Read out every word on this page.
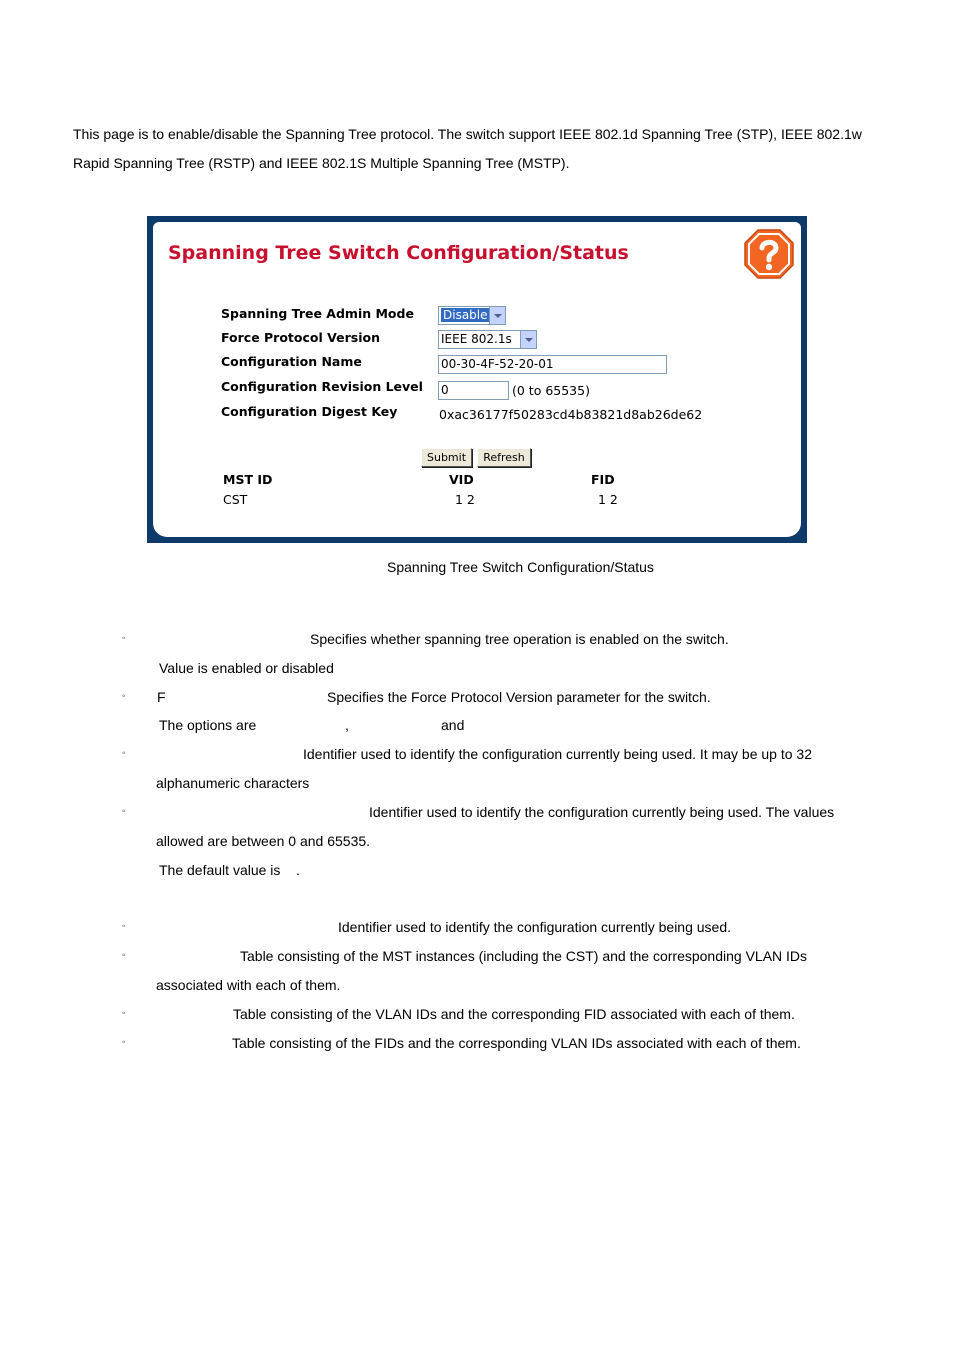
This page is to enable/disable the Spanning Tree protocol. The switch support IEEE 802.1d Spanning Tree (STP), IEEE 802.1w
Rapid Spanning Tree (RSTP) and IEEE 802.1S Multiple Spanning Tree (MSTP).
Spanning Tree Switch Configuration/Status
Spanning Tree Admin Mode	Disable
Force Protocol Version	IEEE 802.1s
Configuration Name	00-30-4F-52-20-01
Configuration Revision Level 0	(0 to 65535)
Configuration Digest Key	0xac36177f50283cd4b83821d8ab26de62
Submit	Refresh
MST ID	VID	FID
CST	1 2	1 2
Spanning Tree Switch Configuration/Status
◦	Specifies whether spanning tree operation is enabled on the switch.
Value is enabled or disabled
◦ F	Specifies the Force Protocol Version parameter for the switch.
The options are	,	and
◦	Identifier used to identify the configuration currently being used. It may be up to 32
alphanumeric characters
◦	Identifier used to identify the configuration currently being used. The values
allowed are between 0 and 65535.
The default value is .
◦	Identifier used to identify the configuration currently being used.
◦	Table consisting of the MST instances (including the CST) and the corresponding VLAN IDs
associated with each of them.
◦	Table consisting of the VLAN IDs and the corresponding FID associated with each of them.
◦	Table consisting of the FIDs and the corresponding VLAN IDs associated with each of them.
